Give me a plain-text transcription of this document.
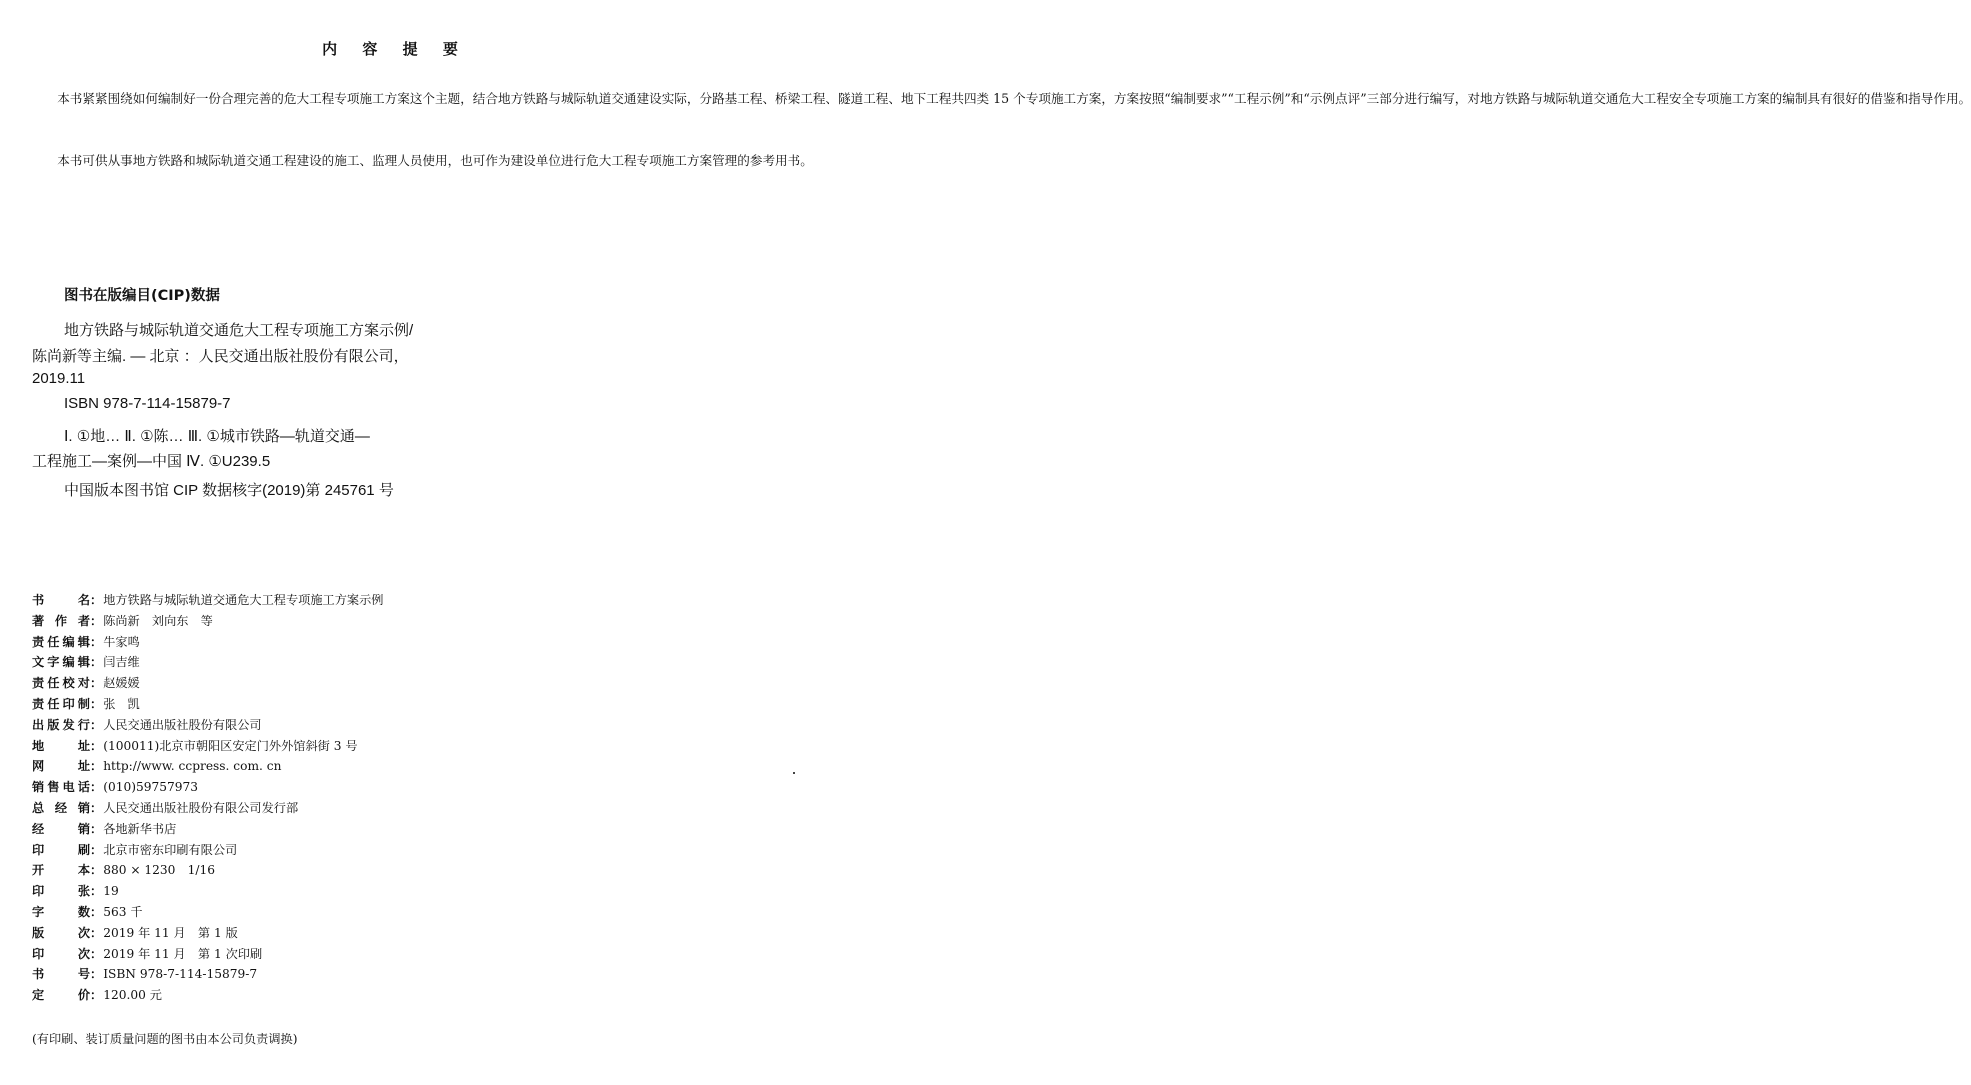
内 容 提 要

本书紧紧围绕如何编制好一份合理完善的危大工程专项施工方案这个主题，结合地方铁路与城际轨道交通建设实际，分路基工程、桥梁工程、隧道工程、地下工程共四类 15 个专项施工方案，方案按照“编制要求”“工程示例”和“示例点评”三部分进行编写，对地方铁路与城际轨道交通危大工程安全专项施工方案的编制具有很好的借鉴和指导作用。

本书可供从事地方铁路和城际轨道交通工程建设的施工、监理人员使用，也可作为建设单位进行危大工程专项施工方案管理的参考用书。

图书在版编目(CIP)数据
地方铁路与城际轨道交通危大工程专项施工方案示例/
陈尚新等主编. — 北京 ：人民交通出版社股份有限公司，
2019.11
ISBN 978-7-114-15879-7
Ⅰ. ①地… Ⅱ. ①陈… Ⅲ. ①城市铁路—轨道交通—
工程施工—案例—中国 Ⅳ. ①U239.5
中国版本图书馆 CIP 数据核字(2019)第 245761 号
书	名 ： 地方铁路与城际轨道交通危大工程专项施工方案示例
著 作 者 ： 陈尚新　刘向东　等
责 任 编 辑 ： 牛家鸣
文 字 编 辑 ： 闫吉维
责 任 校 对 ： 赵媛媛
责 任 印 制 ： 张　凯
出 版 发 行 ： 人民交通出版社股份有限公司
地	址 ： (100011)北京市朝阳区安定门外外馆斜街 3 号
网	址 ： http://www. ccpress. com. cn
销 售 电 话 ： (010)59757973
总 经 销 ： 人民交通出版社股份有限公司发行部
经	销 ： 各地新华书店
印	刷 ： 北京市密东印刷有限公司
开	本 ： 880 × 1230　1/16
印	张 ： 19
字	数 ： 563 千
版	次 ： 2019 年 11 月　第 1 版
印	次 ： 2019 年 11 月　第 1 次印刷
书	号 ： ISBN 978-7-114-15879-7
定	价 ： 120.00 元
(有印刷、装订质量问题的图书由本公司负责调换)
